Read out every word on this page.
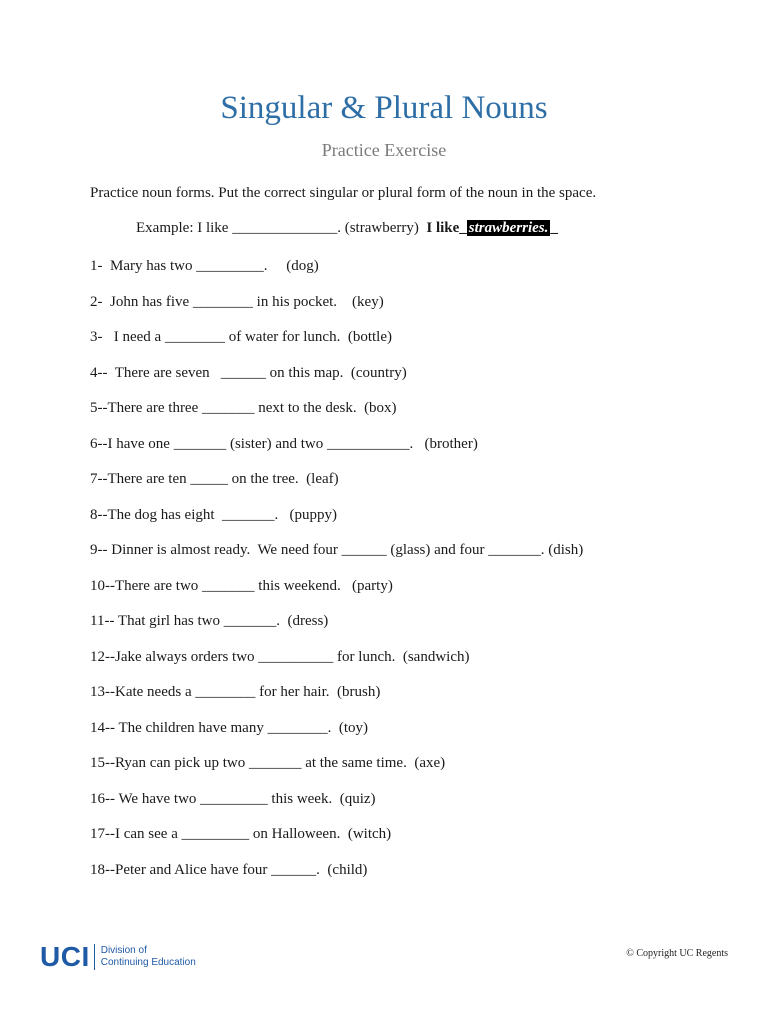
Singular & Plural Nouns
Practice Exercise
Practice noun forms. Put the correct singular or plural form of the noun in the space.
Example: I like ______________. (strawberry)  I like_ strawberries. _
1-  Mary has two _________.     (dog)
2-  John has five ________ in his pocket.    (key)
3-   I need a ________ of water for lunch.  (bottle)
4--  There are seven   ______ on this map.  (country)
5--There are three _______ next to the desk.  (box)
6--I have one _______ (sister) and two ___________.   (brother)
7--There are ten _____ on the tree.  (leaf)
8--The dog has eight  _______.   (puppy)
9-- Dinner is almost ready.  We need four ______ (glass) and four _______. (dish)
10--There are two _______ this weekend.   (party)
11-- That girl has two _______.  (dress)
12--Jake always orders two __________ for lunch.  (sandwich)
13--Kate needs a ________ for her hair.  (brush)
14-- The children have many ________.  (toy)
15--Ryan can pick up two _______ at the same time.  (axe)
16-- We have two _________ this week.  (quiz)
17--I can see a _________ on Halloween.  (witch)
18--Peter and Alice have four ______.  (child)
UCI Division of
Continuing Education
© Copyright UC Regents
